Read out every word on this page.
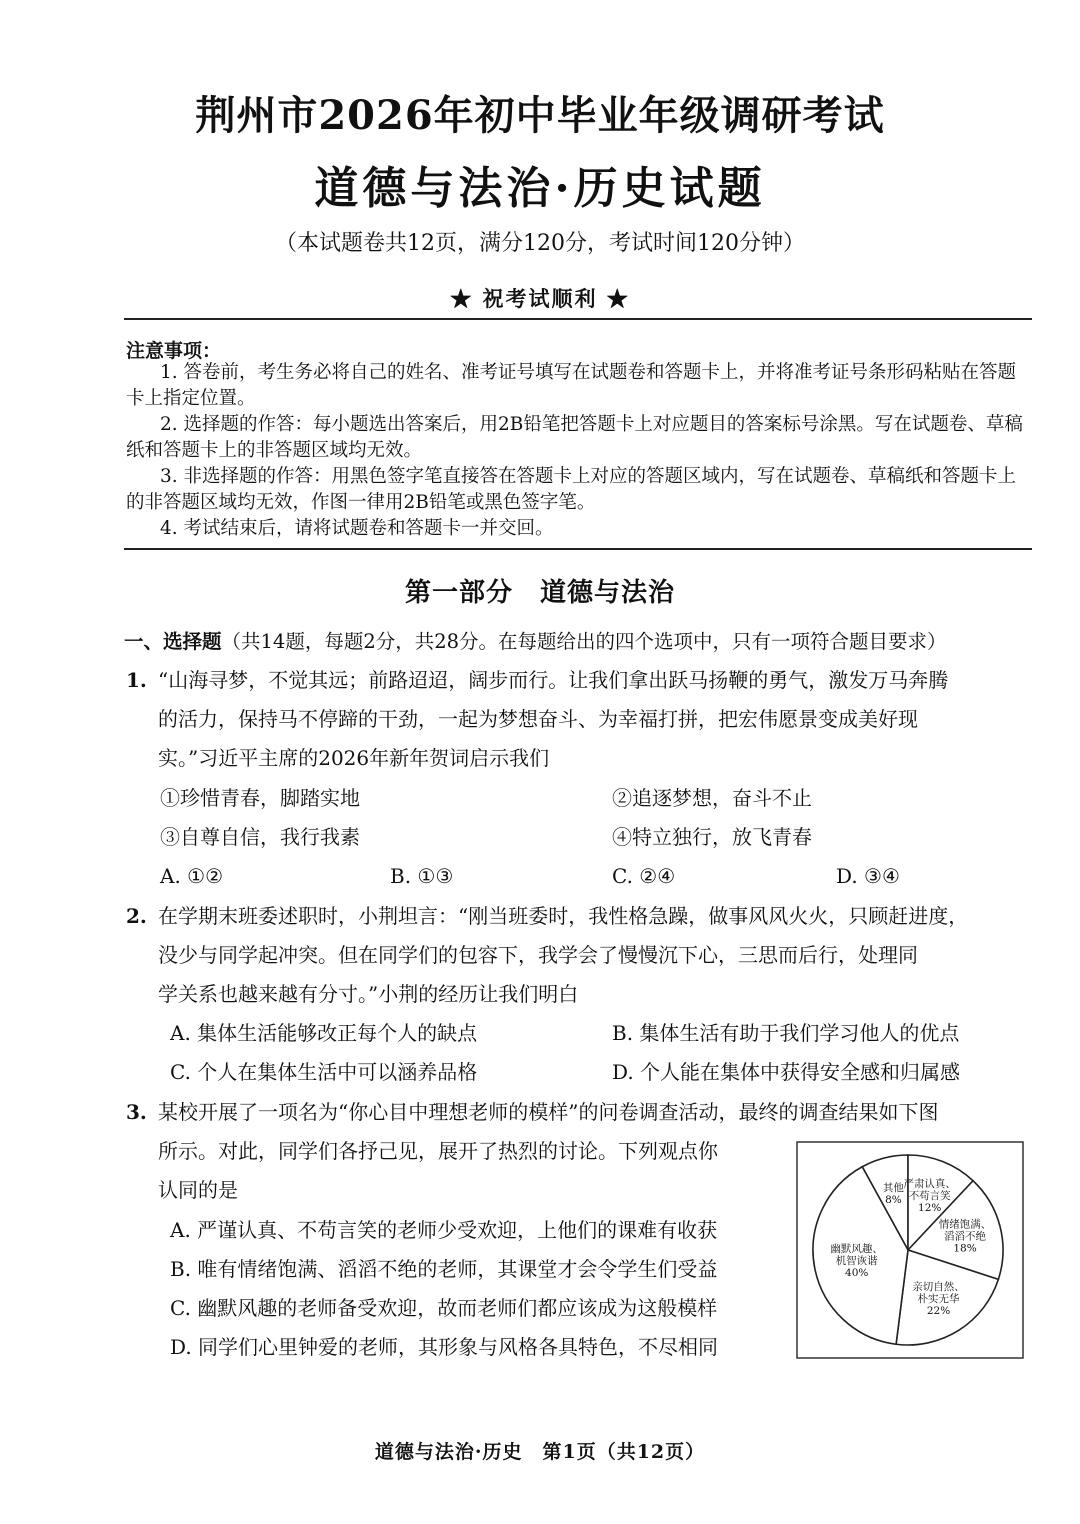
荆州市2026年初中毕业年级调研考试
道德与法治·历史试题
（本试题卷共12页，满分120分，考试时间120分钟）
★ 祝考试顺利 ★
注意事项：
1. 答卷前，考生务必将自己的姓名、准考证号填写在试题卷和答题卡上，并将准考证号条形码粘贴在答题卡上指定位置。
2. 选择题的作答：每小题选出答案后，用2B铅笔把答题卡上对应题目的答案标号涂黑。写在试题卷、草稿纸和答题卡上的非答题区域均无效。
3. 非选择题的作答：用黑色签字笔直接答在答题卡上对应的答题区域内，写在试题卷、草稿纸和答题卡上的非答题区域均无效，作图一律用2B铅笔或黑色签字笔。
4. 考试结束后，请将试题卷和答题卡一并交回。
第一部分　道德与法治
一、选择题（共14题，每题2分，共28分。在每题给出的四个选项中，只有一项符合题目要求）
1. “山海寻梦，不觉其远；前路迢迢，阔步而行。让我们拿出跃马扬鞭的勇气，激发万马奔腾
的活力，保持马不停蹄的干劲，一起为梦想奋斗、为幸福打拼，把宏伟愿景变成美好现
实。”习近平主席的2026年新年贺词启示我们
①珍惜青春，脚踏实地	②追逐梦想，奋斗不止
③自尊自信，我行我素	④特立独行，放飞青春
A. ①②	B. ①③	C. ②④	D. ③④
2. 在学期末班委述职时，小荆坦言：“刚当班委时，我性格急躁，做事风风火火，只顾赶进度，
没少与同学起冲突。但在同学们的包容下，我学会了慢慢沉下心，三思而后行，处理同
学关系也越来越有分寸。”小荆的经历让我们明白
A. 集体生活能够改正每个人的缺点	B. 集体生活有助于我们学习他人的优点
C. 个人在集体生活中可以涵养品格	D. 个人能在集体中获得安全感和归属感
3. 某校开展了一项名为“你心目中理想老师的模样”的问卷调查活动，最终的调查结果如下图
所示。对此，同学们各抒己见，展开了热烈的讨论。下列观点你
认同的是
A. 严谨认真、不苟言笑的老师少受欢迎，上他们的课难有收获
B. 唯有情绪饱满、滔滔不绝的老师，其课堂才会令学生们受益
C. 幽默风趣的老师备受欢迎，故而老师们都应该成为这般模样
D. 同学们心里钟爱的老师，其形象与风格各具特色，不尽相同
其他 8%
严肃认真、不苟言笑 12%
情绪饱满、滔滔不绝 18%
亲切自然、朴实无华 22%
幽默风趣、机智诙谐 40%
道德与法治·历史　第1页（共12页）
